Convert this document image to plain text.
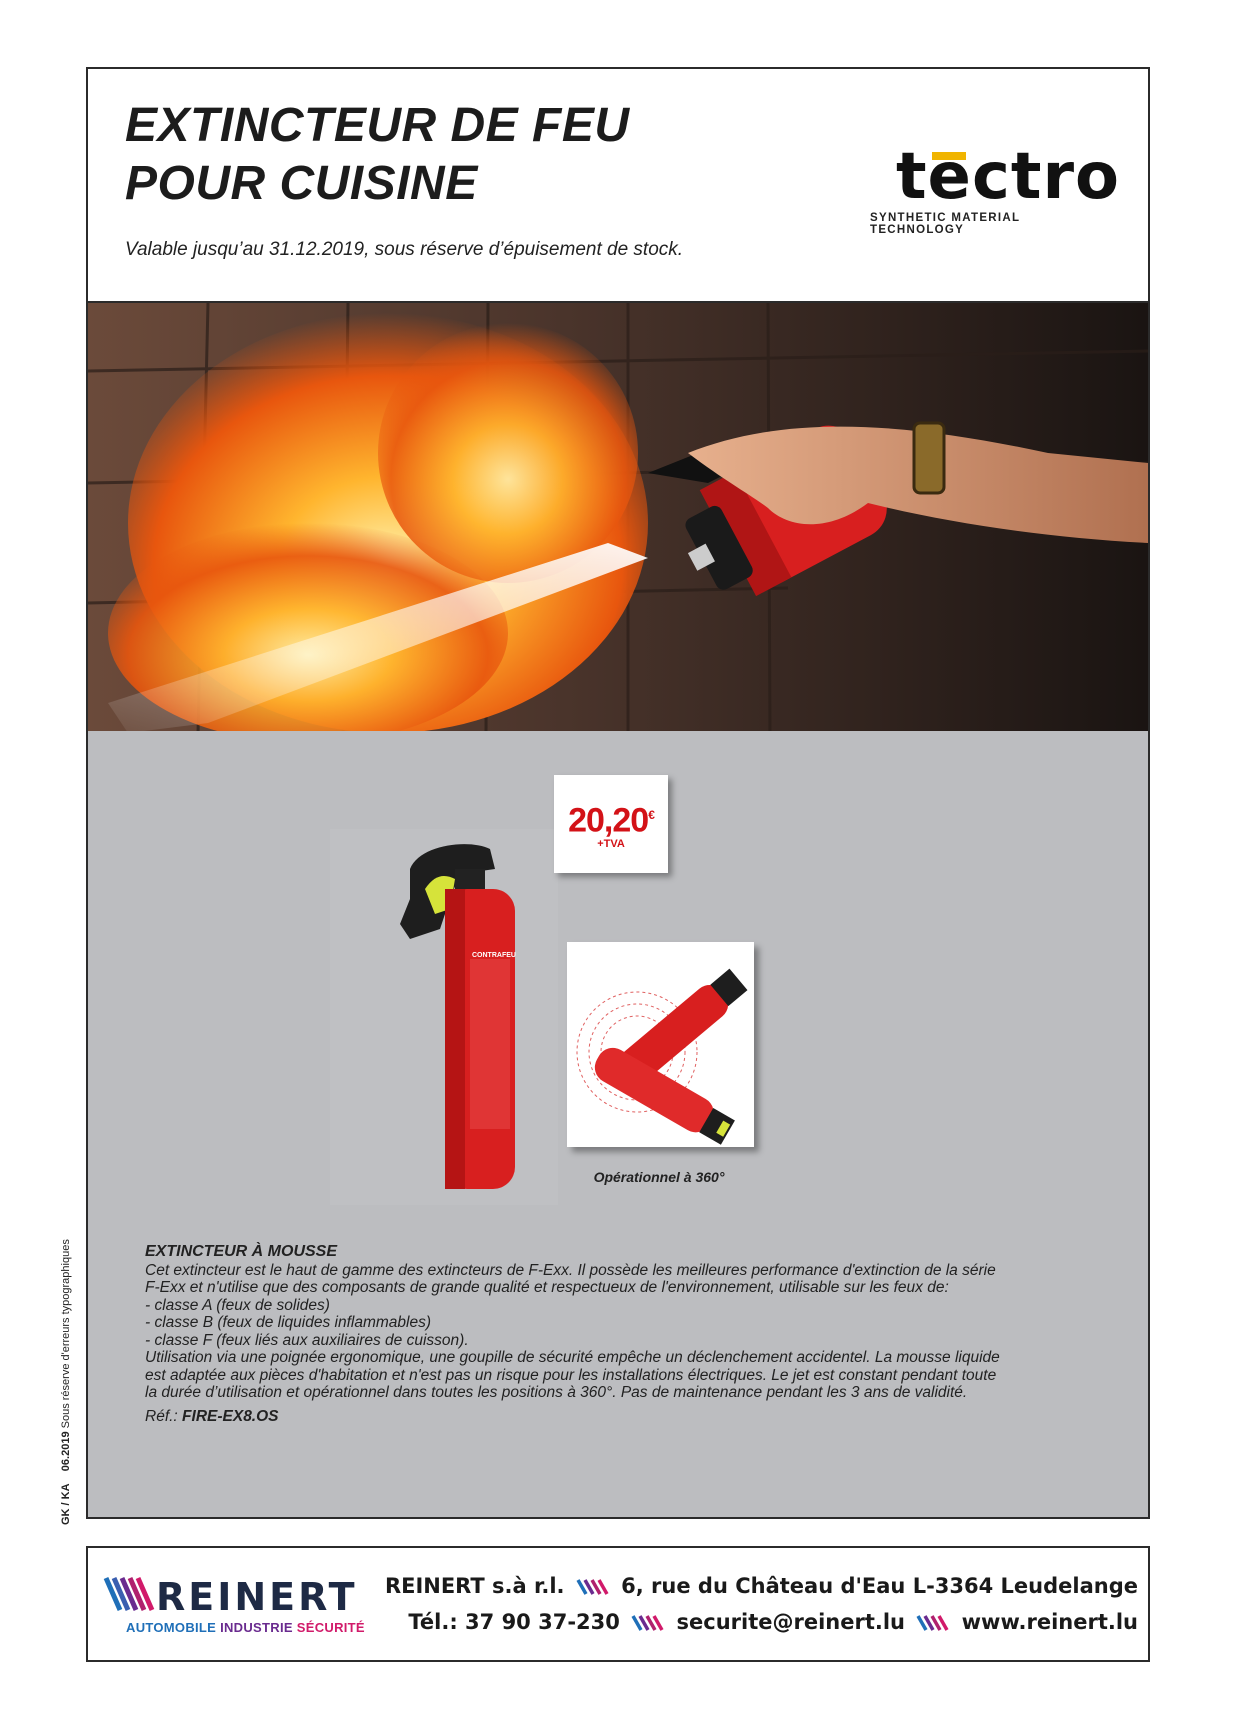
EXTINCTEUR DE FEU
POUR CUISINE
Valable jusqu’au 31.12.2019, sous réserve d’épuisement de stock.
tectro
SYNTHETIC MATERIAL TECHNOLOGY
CONTRAFEU
20,20€
+TVA
Opérationnel à 360°
EXTINCTEUR À MOUSSE

Cet extincteur est le haut de gamme des extincteurs de F-Exx. Il possède les meilleures performance d'extinction de la série

F-Exx et n'utilise que des composants de grande qualité et respectueux de l'environnement, utilisable sur les feux de:

- classe A (feux de solides)

- classe B (feux de liquides inflammables)

- classe F (feux liés aux auxiliaires de cuisson).

Utilisation via une poignée ergonomique, une goupille de sécurité empêche un déclenchement accidentel. La mousse liquide

est adaptée aux pièces d'habitation et n'est pas un risque pour les installations électriques. Le jet est constant pendant toute

la durée d’utilisation et opérationnel dans toutes les positions à 360°. Pas de maintenance pendant les 3 ans de validité.

Réf.: FIRE-EX8.OS
GK / KA    06.2019 Sous réserve d'erreurs typographiques
REINERT
AUTOMOBILE INDUSTRIE SÉCURITÉ
REINERT s.à r.l.	6, rue du Château d'Eau L-3364 Leudelange
Tél.: 37 90 37-230	securite@reinert.lu	www.reinert.lu
